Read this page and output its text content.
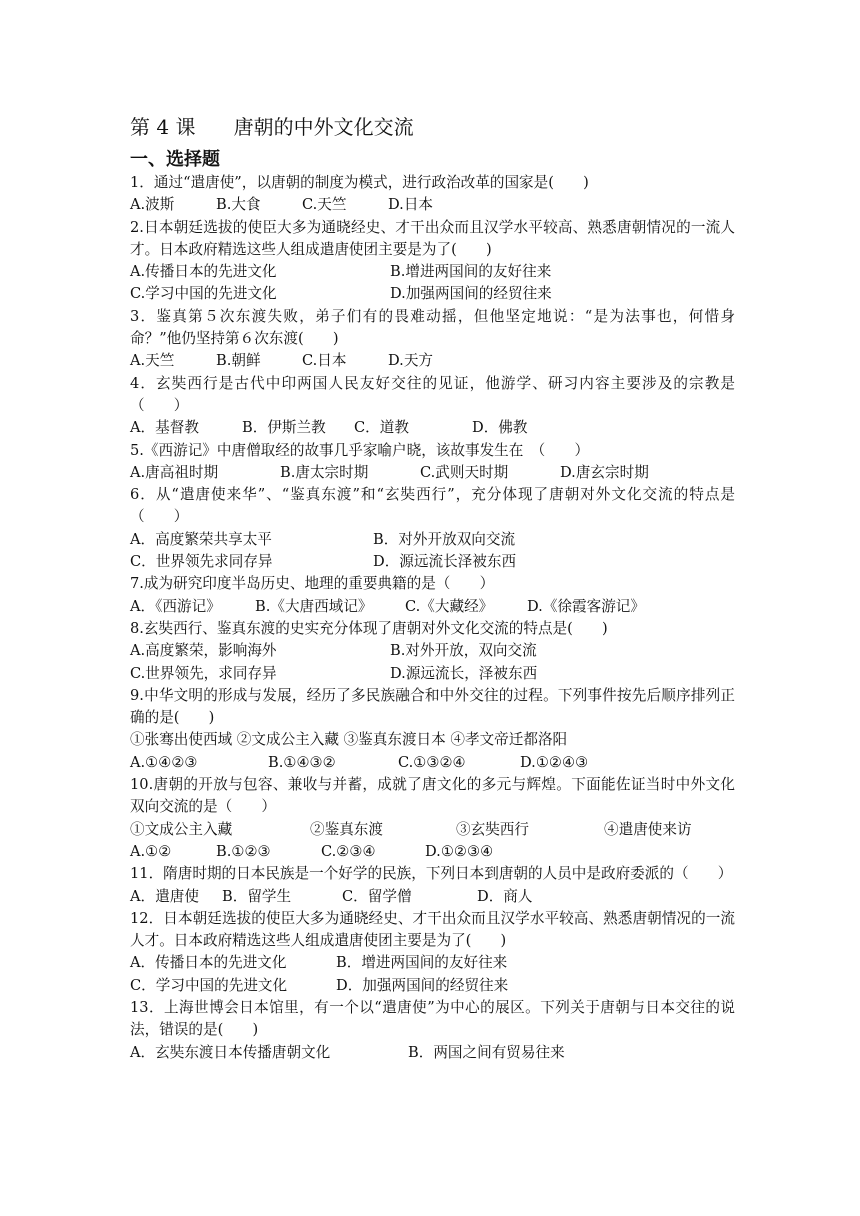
第 4 课      唐朝的中外文化交流
一、选择题
1．通过“遣唐使”，以唐朝的制度为模式，进行政治改革的国家是(　　)
A.波斯	B.大食	C.天竺	D.日本
2.日本朝廷选拔的使臣大多为通晓经史、才干出众而且汉学水平较高、熟悉唐朝情况的一流人才。日本政府精选这些人组成遣唐使团主要是为了(　　)
A.传播日本的先进文化	B.增进两国间的友好往来
C.学习中国的先进文化	D.加强两国间的经贸往来
3．鉴真第５次东渡失败，弟子们有的畏难动摇，但他坚定地说：“是为法事也，何惜身命？”他仍坚持第６次东渡(　　)
A.天竺	B.朝鲜	C.日本	D.天方
4．玄奘西行是古代中印两国人民友好交往的见证，他游学、研习内容主要涉及的宗教是（　　）
A．基督教	B．伊斯兰教	C．道教	D．佛教
5.《西游记》中唐僧取经的故事几乎家喻户晓，该故事发生在　（　　）
A.唐高祖时期	B.唐太宗时期	C.武则天时期	D.唐玄宗时期
6．从“遣唐使来华”、“鉴真东渡”和“玄奘西行”，充分体现了唐朝对外文化交流的特点是（　　）
A．高度繁荣共享太平	B．对外开放双向交流
C．世界领先求同存异	D．源远流长泽被东西
7.成为研究印度半岛历史、地理的重要典籍的是（　　）
A．《西游记》	B.《大唐西域记》	C.《大藏经》	D.《徐霞客游记》
8.玄奘西行、鉴真东渡的史实充分体现了唐朝对外文化交流的特点是(　　)
A.高度繁荣，影响海外	B.对外开放，双向交流
C.世界领先，求同存异	D.源远流长，泽被东西
9.中华文明的形成与发展，经历了多民族融合和中外交往的过程。下列事件按先后顺序排列正确的是(　　)
①张骞出使西域 ②文成公主入藏 ③鉴真东渡日本 ④孝文帝迁都洛阳
A.①④②③	B.①④③②	C.①③②④	D.①②④③
10.唐朝的开放与包容、兼收与并蓄，成就了唐文化的多元与辉煌。下面能佐证当时中外文化双向交流的是（　　）
①文成公主入藏	②鉴真东渡	③玄奘西行	④遣唐使来访
A.①②	B.①②③	C.②③④	D.①②③④
11．隋唐时期的日本民族是一个好学的民族，下列日本到唐朝的人员中是政府委派的（　　）
A．遣唐使	B．留学生	C．留学僧	D．商人
12．日本朝廷选拔的使臣大多为通晓经史、才干出众而且汉学水平较高、熟悉唐朝情况的一流人才。日本政府精选这些人组成遣唐使团主要是为了(　　)
A．传播日本的先进文化	B．增进两国间的友好往来
C．学习中国的先进文化	D．加强两国间的经贸往来
13．上海世博会日本馆里，有一个以“遣唐使”为中心的展区。下列关于唐朝与日本交往的说法，错误的是(　　)
A．玄奘东渡日本传播唐朝文化	B．两国之间有贸易往来
